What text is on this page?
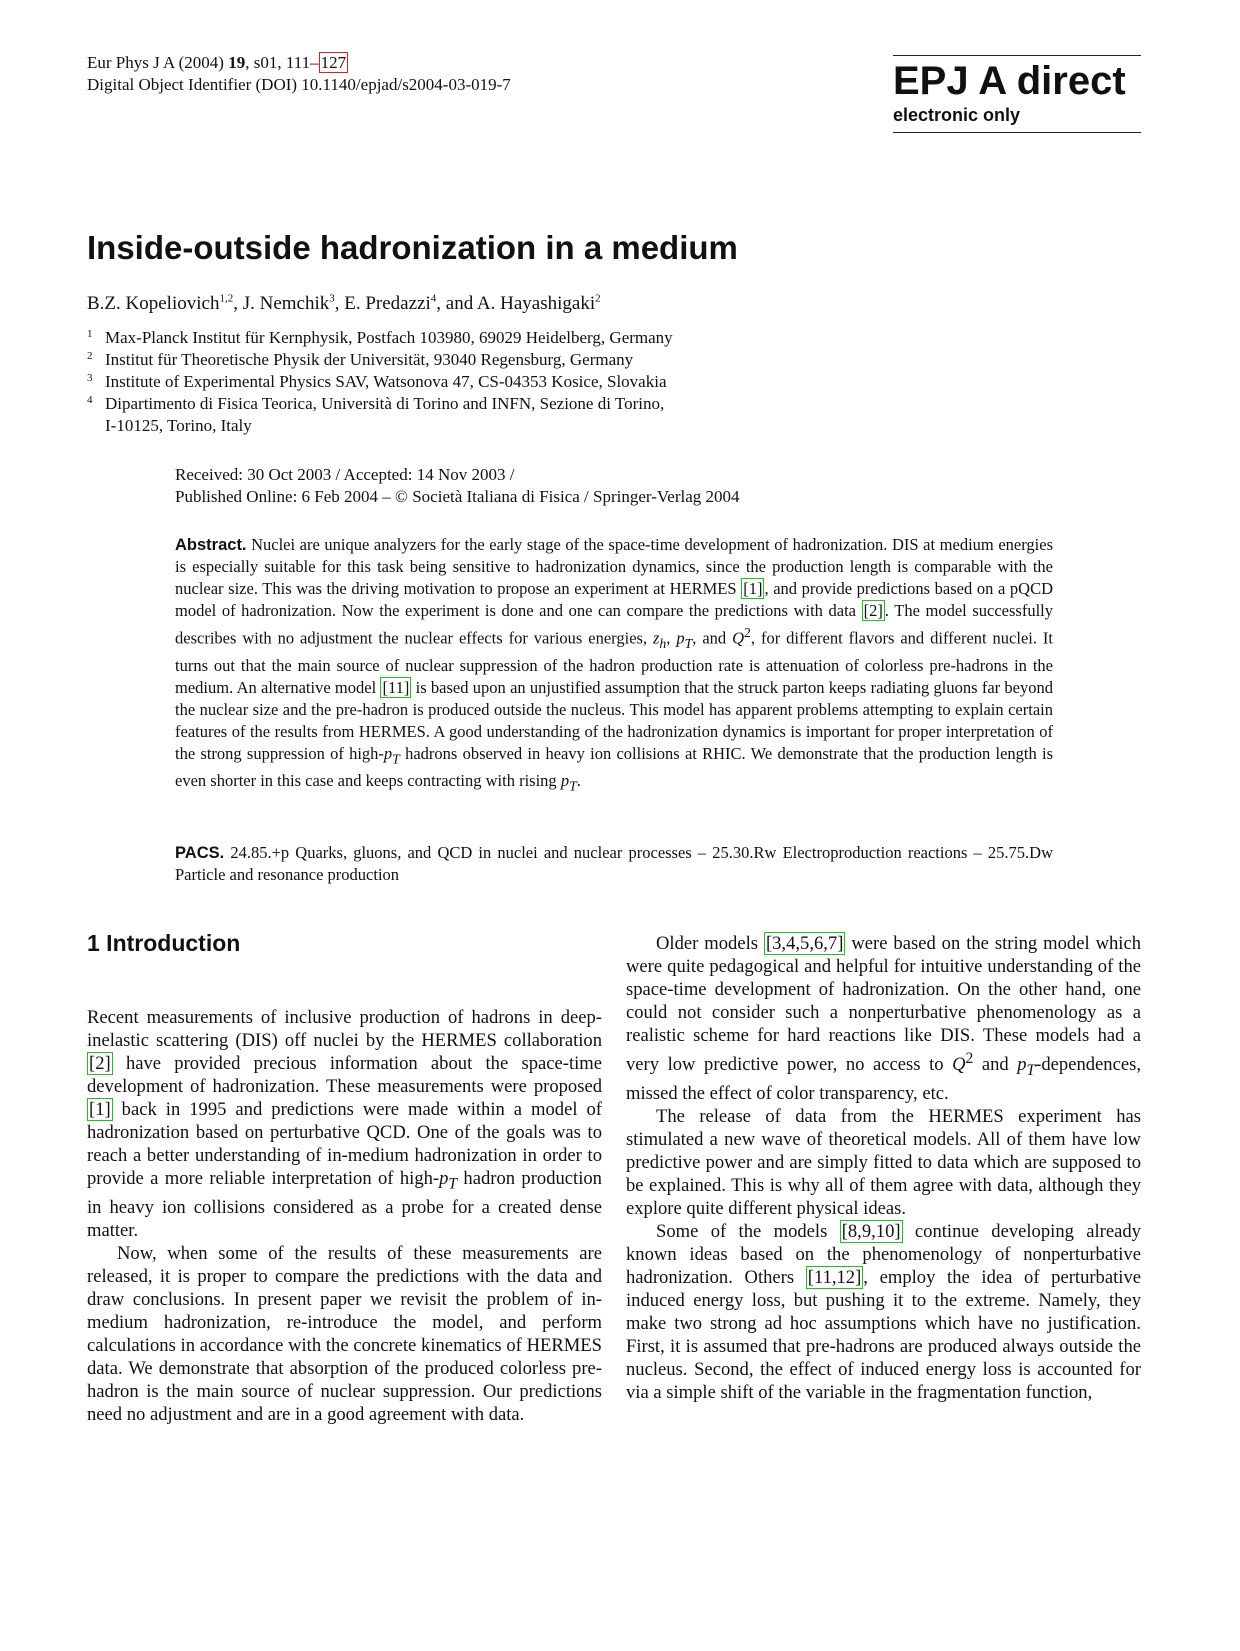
Eur Phys J A (2004) 19, s01, 111– 127
Digital Object Identifier (DOI) 10.1140/epjad/s2004-03-019-7	EPJ A direct
electronic only
Inside-outside hadronization in a medium
B.Z. Kopeliovich$^{1,2}$, J. Nemchik$^3$, E. Predazzi$^4$, and A. Hayashigaki$^2$
1 Max-Planck Institut für Kernphysik, Postfach 103980, 69029 Heidelberg, Germany
2 Institut für Theoretische Physik der Universität, 93040 Regensburg, Germany
3 Institute of Experimental Physics SAV, Watsonova 47, CS-04353 Kosice, Slovakia
4 Dipartimento di Fisica Teorica, Università di Torino and INFN, Sezione di Torino,
I-10125, Torino, Italy
Received: 30 Oct 2003 / Accepted: 14 Nov 2003 /
Published Online: 6 Feb 2004 – © Società Italiana di Fisica / Springer-Verlag 2004
Abstract. Nuclei are unique analyzers for the early stage of the space-time development of hadronization. DIS at medium energies is especially suitable for this task being sensitive to hadronization dynamics, since the production length is comparable with the nuclear size. This was the driving motivation to propose an experiment at HERMES [1] , and provide predictions based on a pQCD model of hadronization. Now the experiment is done and one can compare the predictions with data [2] . The model successfully describes with no adjustment the nuclear effects for various energies, $z_h$, $p_T$, and $Q^2$, for different flavors and different nuclei. It turns out that the main source of nuclear suppression of the hadron production rate is attenuation of colorless pre-hadrons in the medium. An alternative model [11] is based upon an unjustified assumption that the struck parton keeps radiating gluons far beyond the nuclear size and the pre-hadron is produced outside the nucleus. This model has apparent problems attempting to explain certain features of the results from HERMES. A good understanding of the hadronization dynamics is important for proper interpretation of the strong suppression of high-$p_T$ hadrons observed in heavy ion collisions at RHIC. We demonstrate that the production length is even shorter in this case and keeps contracting with rising $p_T$.
PACS. 24.85.+p Quarks, gluons, and QCD in nuclei and nuclear processes – 25.30.Rw Electroproduction reactions – 25.75.Dw Particle and resonance production
1 Introduction

Recent measurements of inclusive production of hadrons in deep-inelastic scattering (DIS) off nuclei by the HERMES collaboration [2] have provided precious information about the space-time development of hadronization. These measurements were proposed [1] back in 1995 and predictions were made within a model of hadronization based on perturbative QCD. One of the goals was to reach a better understanding of in-medium hadronization in order to provide a more reliable interpretation of high-$p_T$ hadron production in heavy ion collisions considered as a probe for a created dense matter.

Now, when some of the results of these measurements are released, it is proper to compare the predictions with the data and draw conclusions. In present paper we revisit the problem of in-medium hadronization, re-introduce the model, and perform calculations in accordance with the concrete kinematics of HERMES data. We demonstrate that absorption of the produced colorless pre-hadron is the main source of nuclear suppression. Our predictions need no adjustment and are in a good agreement with data.

Older models [3,4,5,6,7] were based on the string model which were quite pedagogical and helpful for intuitive understanding of the space-time development of hadronization. On the other hand, one could not consider such a nonperturbative phenomenology as a realistic scheme for hard reactions like DIS. These models had a very low predictive power, no access to $Q^2$ and $p_T$-dependences, missed the effect of color transparency, etc.

The release of data from the HERMES experiment has stimulated a new wave of theoretical models. All of them have low predictive power and are simply fitted to data which are supposed to be explained. This is why all of them agree with data, although they explore quite different physical ideas.

Some of the models [8,9,10] continue developing already known ideas based on the phenomenology of nonperturbative hadronization. Others [11,12] , employ the idea of perturbative induced energy loss, but pushing it to the extreme. Namely, they make two strong ad hoc assumptions which have no justification. First, it is assumed that pre-hadrons are produced always outside the nucleus. Second, the effect of induced energy loss is accounted for via a simple shift of the variable in the fragmentation function,
